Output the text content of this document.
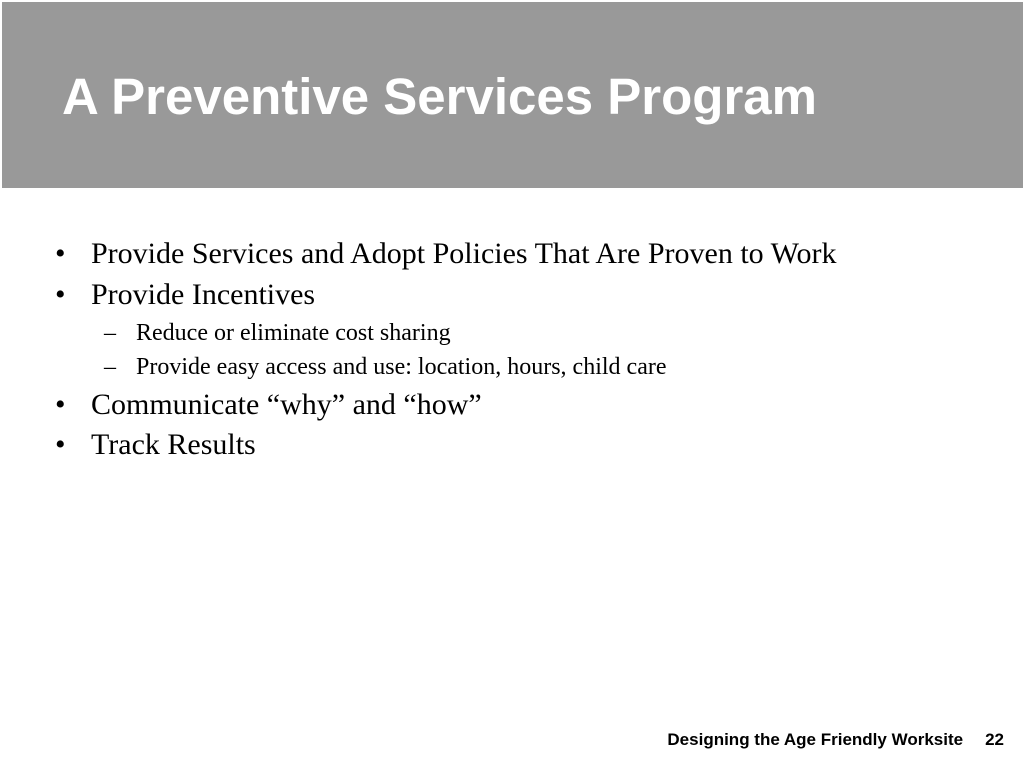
A Preventive Services Program
• Provide Services and Adopt Policies That Are Proven to Work
• Provide Incentives
– Reduce or eliminate cost sharing
– Provide easy access and use: location, hours, child care
• Communicate “why” and “how”
• Track Results
Designing the Age Friendly Worksite 22
